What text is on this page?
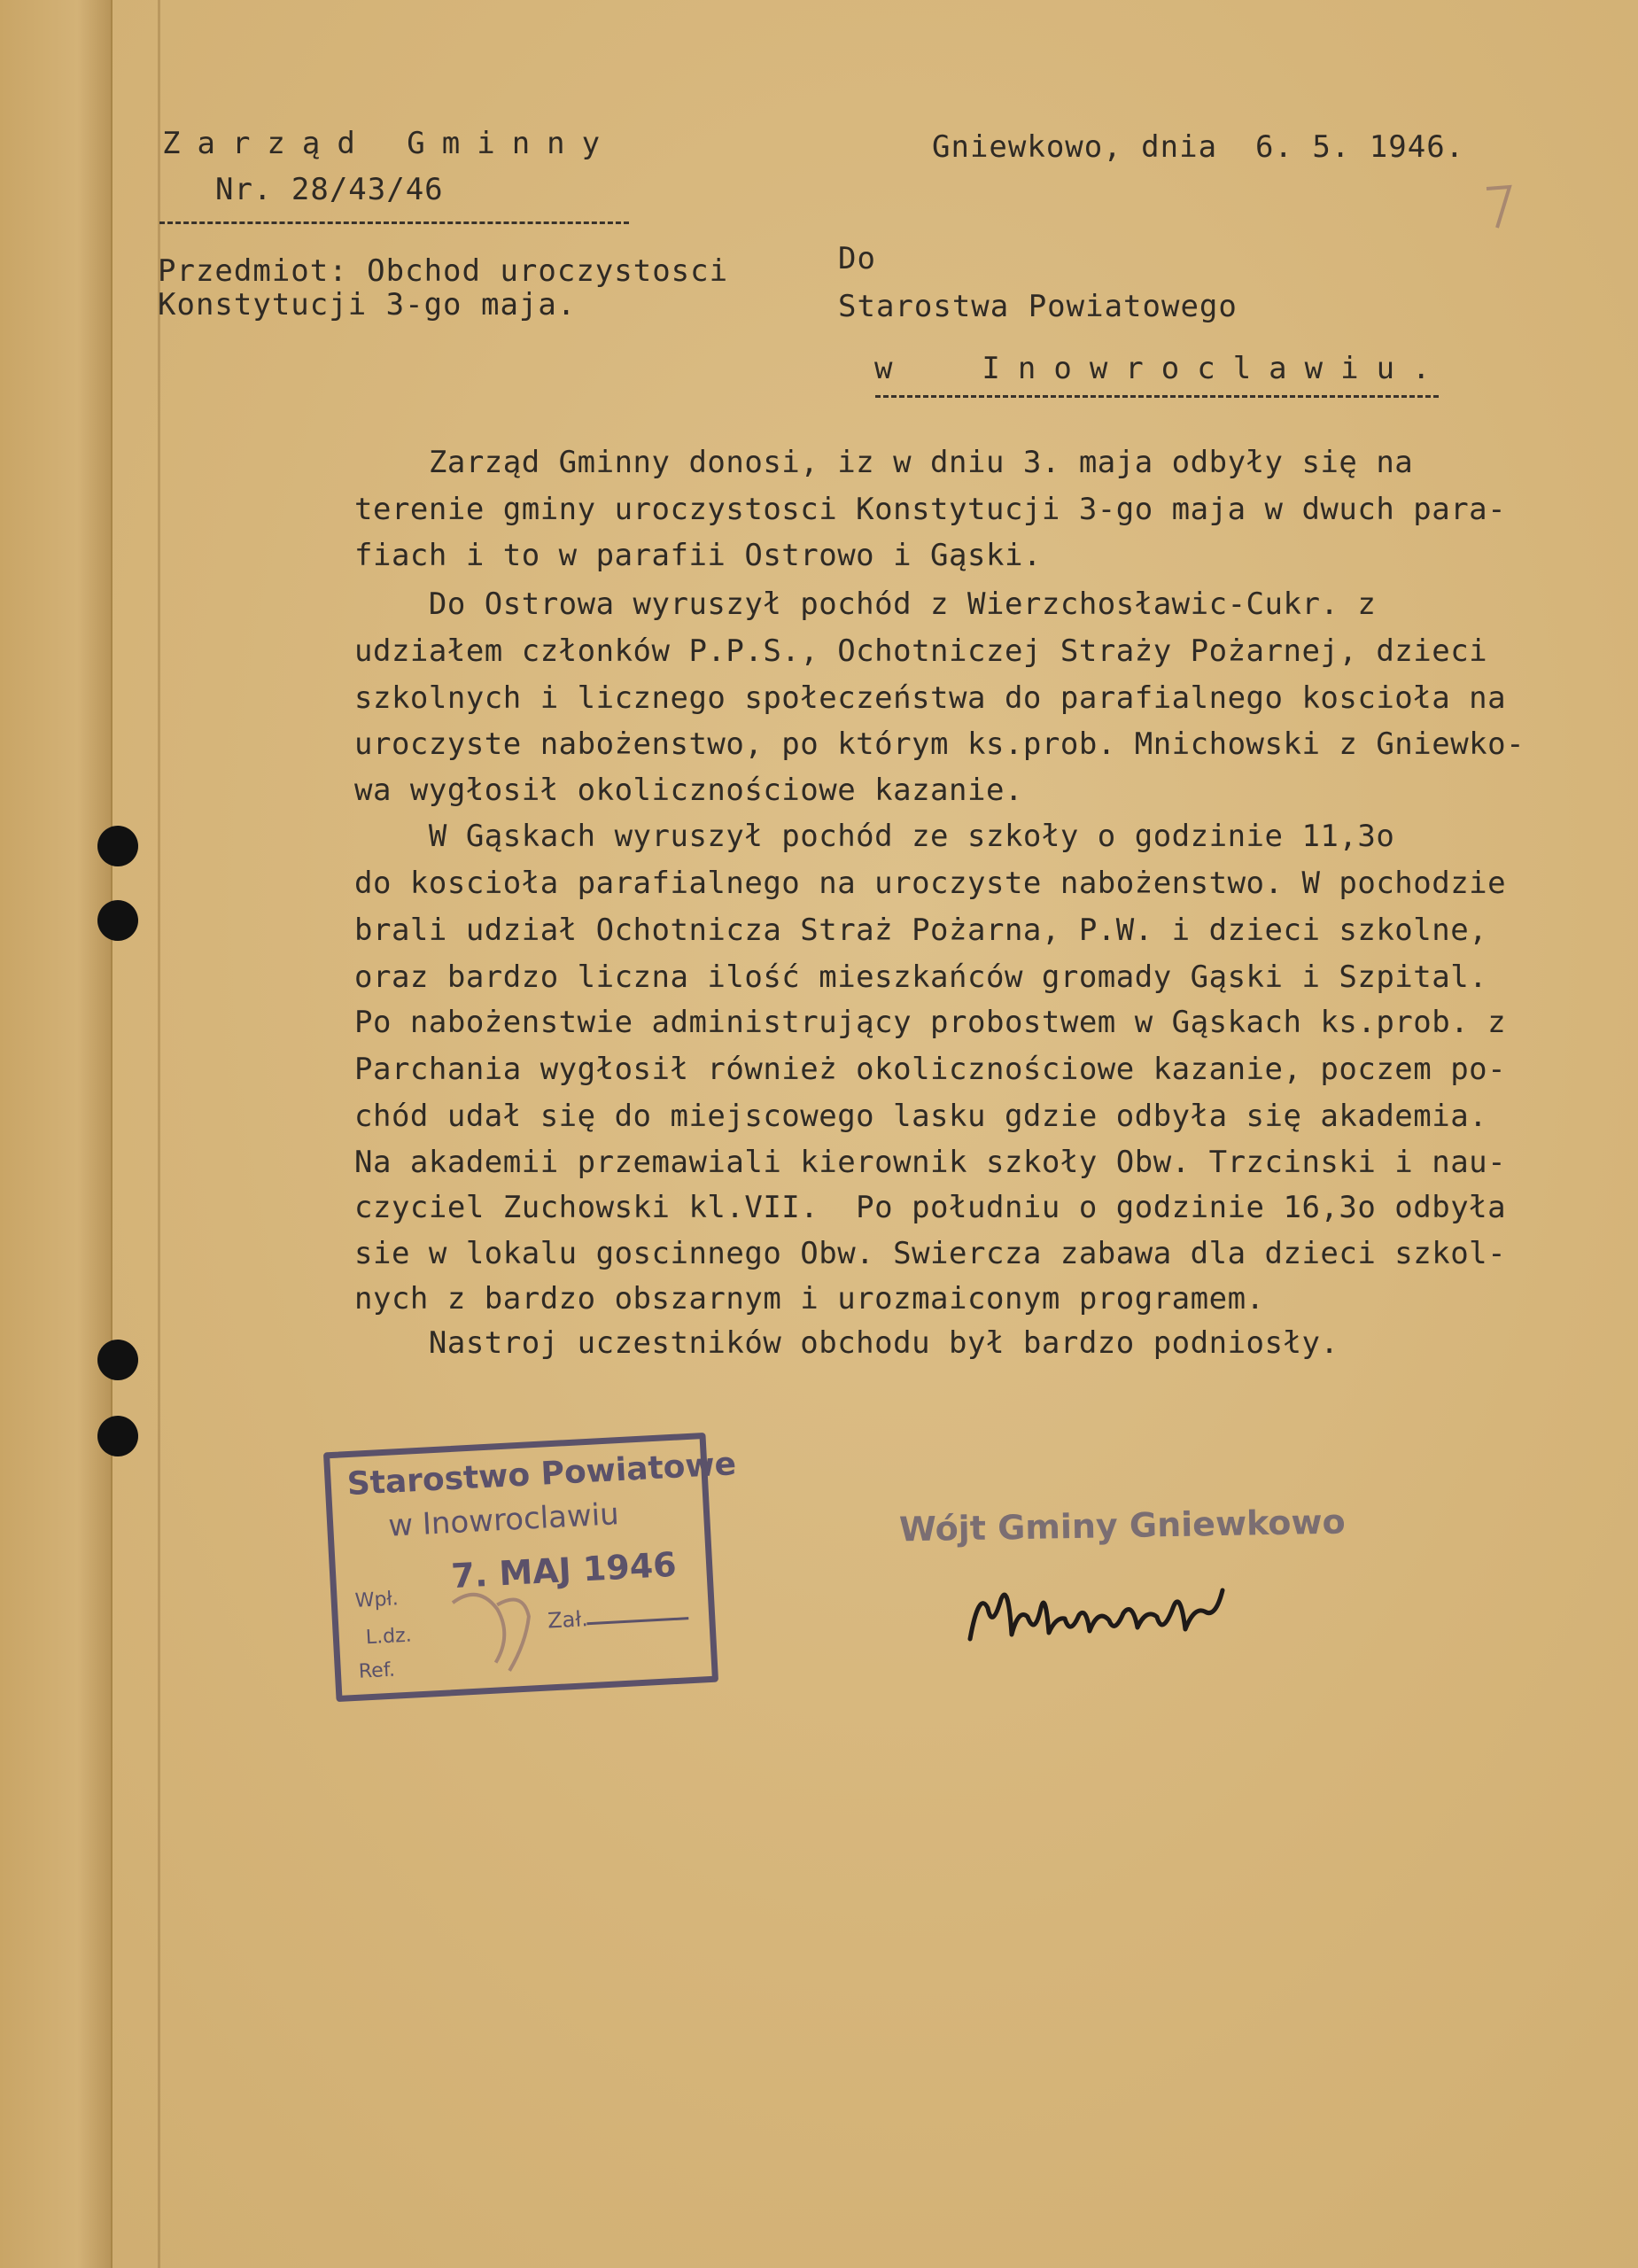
Zarząd Gminny
Nr. 28/43/46
Gniewkowo, dnia  6. 5. 1946.
Przedmiot: Obchod uroczystosci
Konstytucji 3-go maja.
Do
Starostwa Powiatowego
w  Inowroclawiu.
Zarząd Gminny donosi, iz w dniu 3. maja odbyły się na
terenie gminy uroczystosci Konstytucji 3-go maja w dwuch para-
fiach i to w parafii Ostrowo i Gąski.
Do Ostrowa wyruszył pochód z Wierzchosławic-Cukr. z
udziałem członków P.P.S., Ochotniczej Straży Pożarnej, dzieci
szkolnych i licznego społeczeństwa do parafialnego koscioła na
uroczyste nabożenstwo, po którym ks.prob. Mnichowski z Gniewko-
wa wygłosił okolicznościowe kazanie.
W Gąskach wyruszył pochód ze szkoły o godzinie 11,3o
do koscioła parafialnego na uroczyste nabożenstwo. W pochodzie
brali udział Ochotnicza Straż Pożarna, P.W. i dzieci szkolne,
oraz bardzo liczna ilość mieszkańców gromady Gąski i Szpital.
Po nabożenstwie administrujący probostwem w Gąskach ks.prob. z
Parchania wygłosił również okolicznościowe kazanie, poczem po-
chód udał się do miejscowego lasku gdzie odbyła się akademia.
Na akademii przemawiali kierownik szkoły Obw. Trzcinski i nau-
czyciel Zuchowski kl.VII.  Po południu o godzinie 16,3o odbyła
sie w lokalu goscinnego Obw. Swiercza zabawa dla dzieci szkol-
nych z bardzo obszarnym i urozmaiconym programem.
Nastroj uczestników obchodu był bardzo podniosły.
Starostwo Powiatowe
w Inowroclawiu
7. MAJ 1946
Wpł.
L.dz.
Ref.
Zał.
Wójt Gminy Gniewkowo
